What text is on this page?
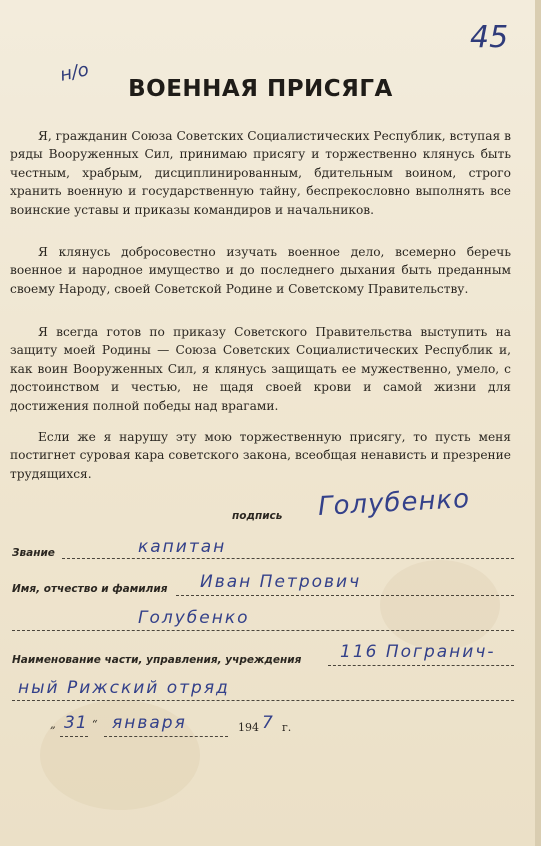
45
н/о
ВОЕННАЯ ПРИСЯГА
Я, гражданин Союза Советских Социалистических Республик, вступая в ряды Вооруженных Сил, принимаю присягу и торжественно клянусь быть честным, храбрым, дисциплинированным, бдительным воином, строго хранить военную и государственную тайну, беспрекословно выполнять все воинские уставы и приказы командиров и начальников.
Я клянусь добросовестно изучать военное дело, всемерно беречь военное и народное имущество и до последнего дыхания быть преданным своему Народу, своей Советской Родине и Советскому Правительству.
Я всегда готов по приказу Советского Правительства выступить на защиту моей Родины — Союза Советских Социалистических Республик и, как воин Вооруженных Сил, я клянусь защищать ее мужественно, умело, с достоинством и честью, не щадя своей крови и самой жизни для достижения полной победы над врагами.
Если же я нарушу эту мою торжественную присягу, то пусть меня постигнет суровая кара советского закона, всеобщая ненависть и презрение трудящихся.
подпись Голубенко
Звание	капитан
Имя, отчество и фамилия Иван Петрович
Голубенко
Наименование части, управления, учреждения 116 Погранич-
ный Рижский отряд
„ 31 “ января	194 7 г.
